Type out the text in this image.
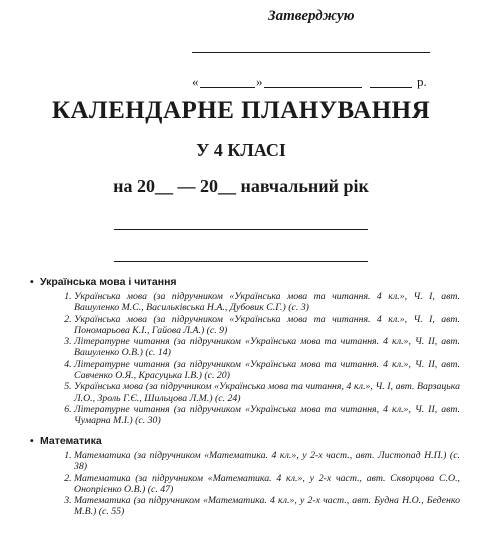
Затверджую
«	»	р.
КАЛЕНДАРНЕ ПЛАНУВАННЯ
У 4 КЛАСІ
на 20__ — 20__ навчальний рік
• Українська мова і читання
1. Українська мова (за підручником «Українська мова та читання. 4 кл.», Ч. І, авт. Вашуленко М.С., Васильківська Н.А., Дубовик С.Г.) (с. 3)
2. Українська мова (за підручником «Українська мова та читання. 4 кл.», Ч. І, авт. Пономарьова К.І., Гайова Л.А.) (с. 9)
3. Літературне читання (за підручником «Українська мова та читання. 4 кл.», Ч. ІІ, авт. Вашуленко О.В.) (с. 14)
4. Літературне читання (за підручником «Українська мова та читання. 4 кл.», Ч. ІІ, авт. Савченко О.Я., Красуцька І.В.) (с. 20)
5. Українська мова (за підручником «Українська мова та читання, 4 кл.», Ч. І, авт. Варзацька Л.О., Зроль Г.Є., Шильцова Л.М.) (с. 24)
6. Літературне читання (за підручником «Українська мова та читання, 4 кл.», Ч. ІІ, авт. Чумарна М.І.) (с. 30)
• Математика
1. Математика (за підручником «Математика. 4 кл.», у 2-х част., авт. Листопад Н.П.) (с. 38)
2. Математика (за підручником «Математика. 4 кл.», у 2-х част., авт. Скворцова С.О., Онопрієнко О.В.) (с. 47)
3. Математика (за підручником «Математика. 4 кл.», у 2-х част., авт. Будна Н.О., Беденко М.В.) (с. 55)
